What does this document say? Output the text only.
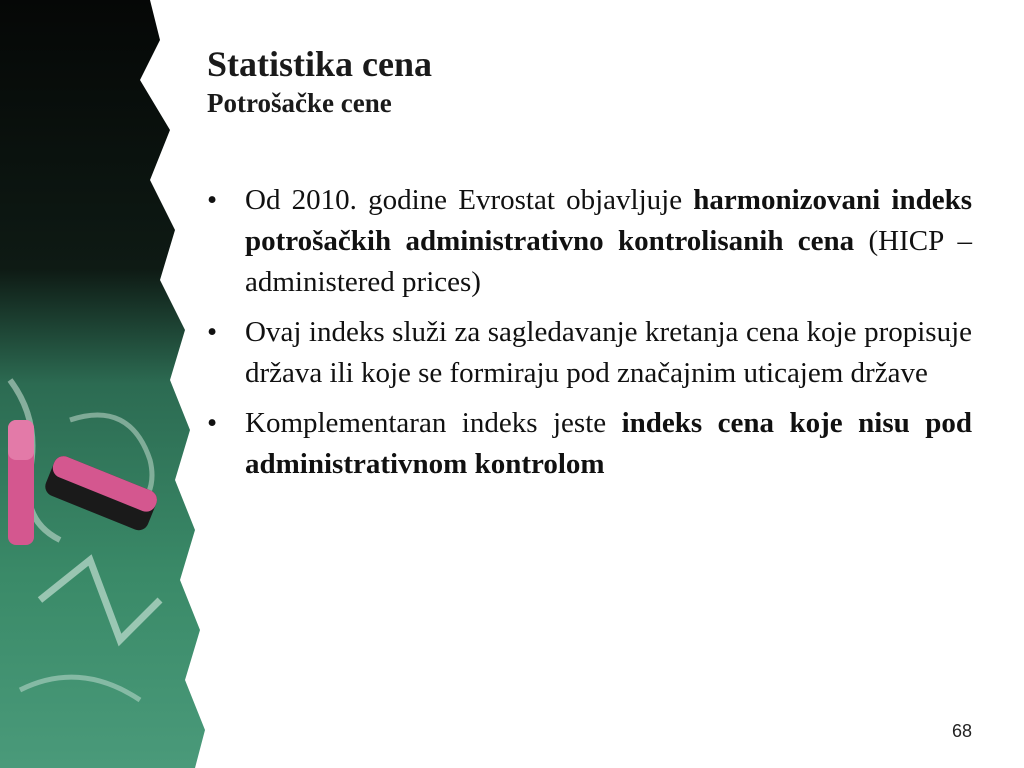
Statistika cena
Potrošačke cene
• Od 2010. godine Evrostat objavljuje harmonizovani indeks potrošačkih administrativno kontrolisanih cena (HICP – administered prices)
• Ovaj indeks služi za sagledavanje kretanja cena koje propisuje država ili koje se formiraju pod značajnim uticajem države
• Komplementaran indeks jeste indeks cena koje nisu pod administrativnom kontrolom
68
